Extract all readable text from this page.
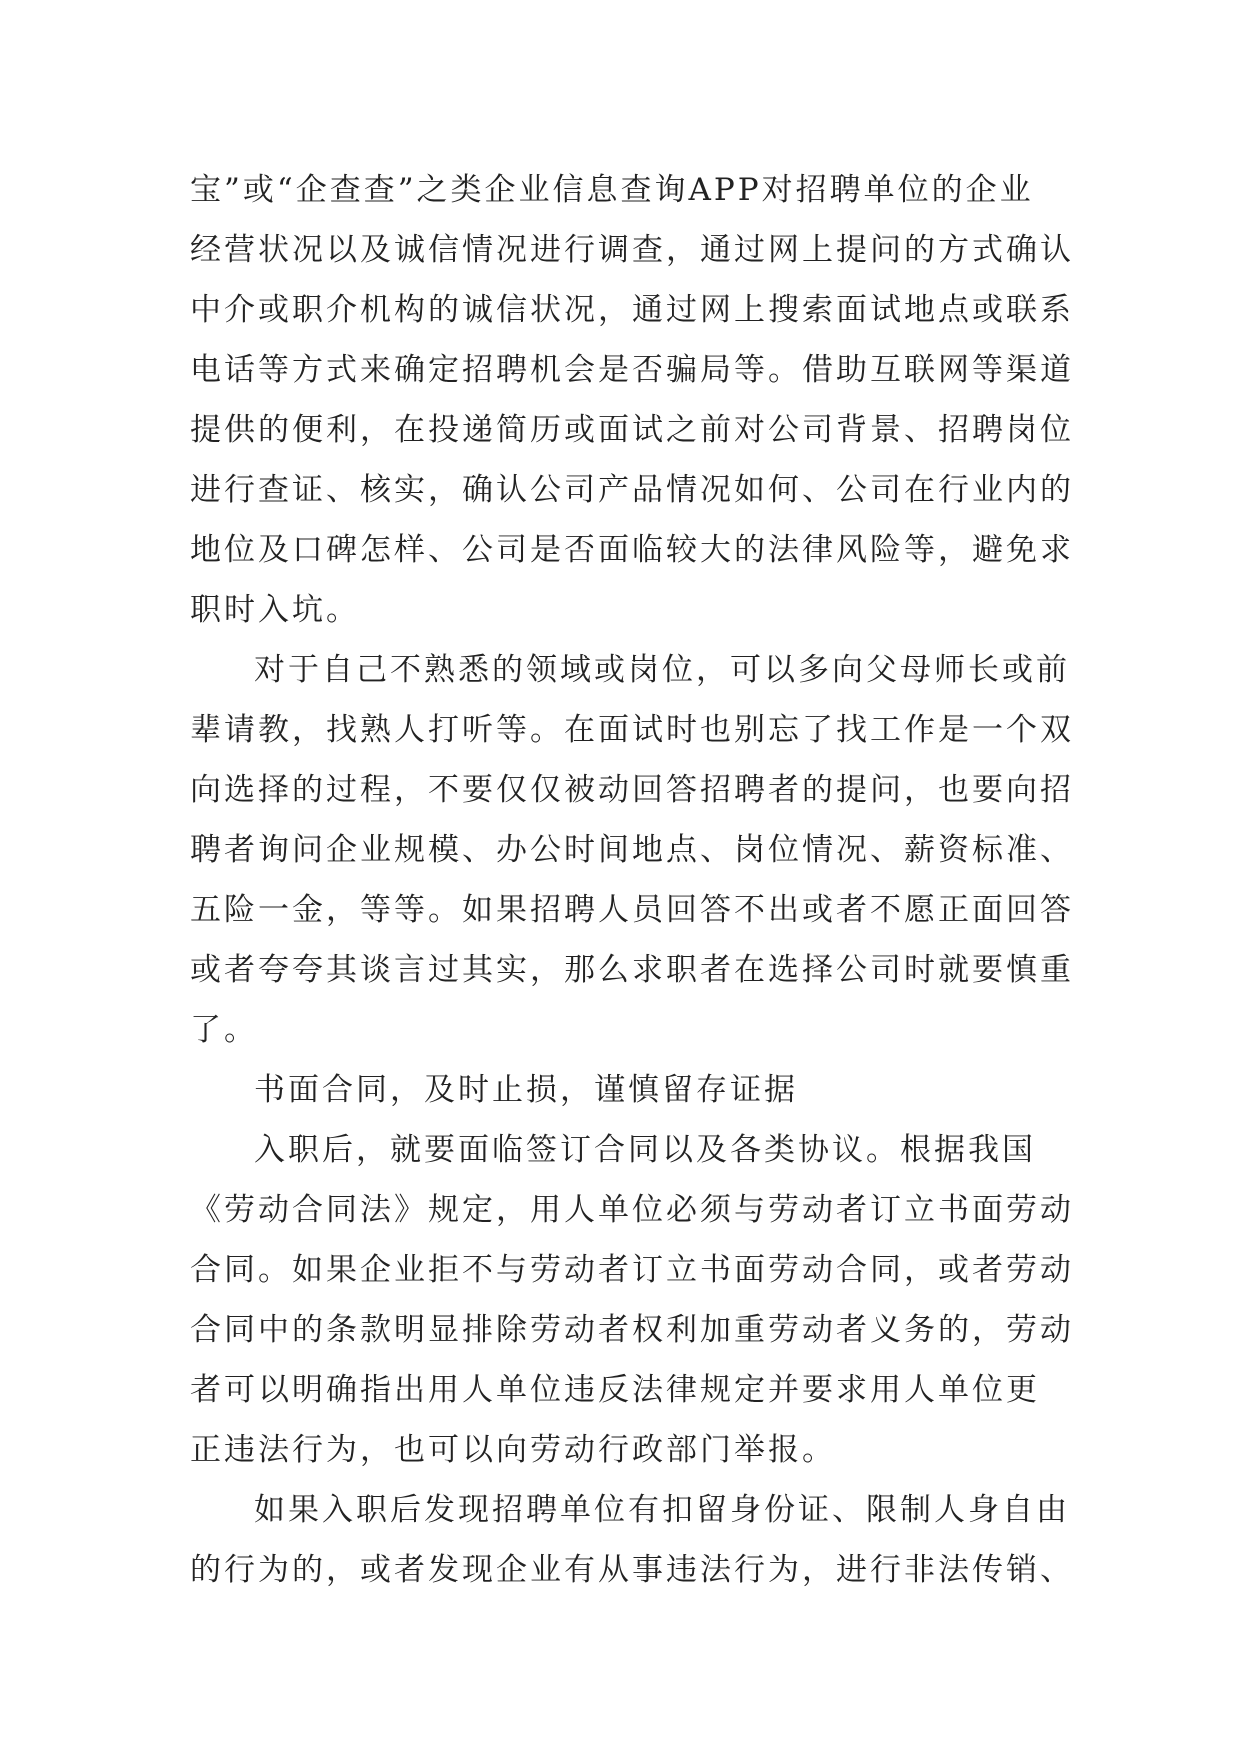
宝”或“企查查”之类企业信息查询APP对招聘单位的企业
经营状况以及诚信情况进行调查，通过网上提问的方式确认
中介或职介机构的诚信状况，通过网上搜索面试地点或联系
电话等方式来确定招聘机会是否骗局等。借助互联网等渠道
提供的便利，在投递简历或面试之前对公司背景、招聘岗位
进行查证、核实，确认公司产品情况如何、公司在行业内的
地位及口碑怎样、公司是否面临较大的法律风险等，避免求
职时入坑。

对于自己不熟悉的领域或岗位，可以多向父母师长或前
辈请教，找熟人打听等。在面试时也别忘了找工作是一个双
向选择的过程，不要仅仅被动回答招聘者的提问，也要向招
聘者询问企业规模、办公时间地点、岗位情况、薪资标准、
五险一金，等等。如果招聘人员回答不出或者不愿正面回答
或者夸夸其谈言过其实，那么求职者在选择公司时就要慎重
了。

书面合同，及时止损，谨慎留存证据

入职后，就要面临签订合同以及各类协议。根据我国
《劳动合同法》规定，用人单位必须与劳动者订立书面劳动
合同。如果企业拒不与劳动者订立书面劳动合同，或者劳动
合同中的条款明显排除劳动者权利加重劳动者义务的，劳动
者可以明确指出用人单位违反法律规定并要求用人单位更
正违法行为，也可以向劳动行政部门举报。

如果入职后发现招聘单位有扣留身份证、限制人身自由
的行为的，或者发现企业有从事违法行为，进行非法传销、
